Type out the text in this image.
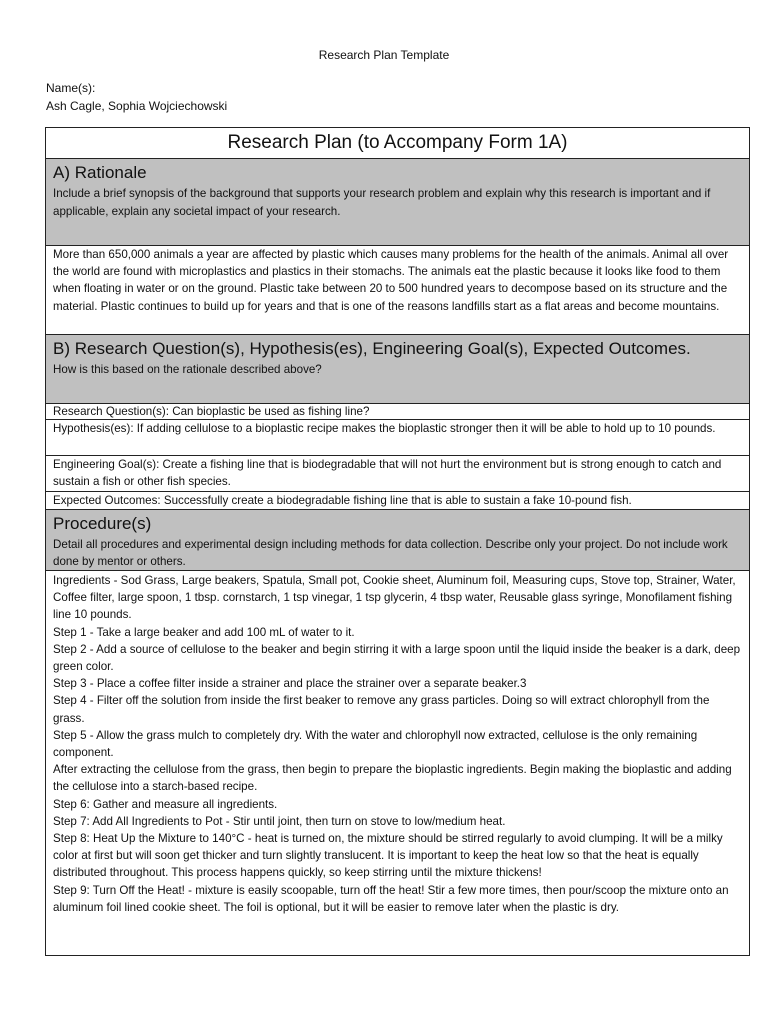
Research Plan Template
Name(s):
Ash Cagle, Sophia Wojciechowski
Research Plan (to Accompany Form 1A)
A) Rationale
Include a brief synopsis of the background that supports your research problem and explain why this research is important and if applicable, explain any societal impact of your research.
More than 650,000 animals a year are affected by plastic which causes many problems for the health of the animals. Animal all over the world are found with microplastics and plastics in their stomachs. The animals eat the plastic because it looks like food to them when floating in water or on the ground. Plastic take between 20 to 500 hundred years to decompose based on its structure and the material. Plastic continues to build up for years and that is one of the reasons landfills start as a flat areas and become mountains.
B) Research Question(s), Hypothesis(es), Engineering Goal(s), Expected Outcomes.
How is this based on the rationale described above?
Research Question(s): Can bioplastic be used as fishing line?
Hypothesis(es): If adding cellulose to a bioplastic recipe makes the bioplastic stronger then it will be able to hold up to 10 pounds.
Engineering Goal(s): Create a fishing line that is biodegradable that will not hurt the environment but is strong enough to catch and sustain a fish or other fish species.
Expected Outcomes: Successfully create a biodegradable fishing line that is able to sustain a fake 10-pound fish.
Procedure(s)
Detail all procedures and experimental design including methods for data collection. Describe only your project. Do not include work done by mentor or others.
Ingredients - Sod Grass, Large beakers, Spatula, Small pot, Cookie sheet, Aluminum foil, Measuring cups, Stove top, Strainer, Water, Coffee filter, large spoon, 1 tbsp. cornstarch, 1 tsp vinegar, 1 tsp glycerin, 4 tbsp water, Reusable glass syringe, Monofilament fishing line 10 pounds.
Step 1 - Take a large beaker and add 100 mL of water to it.
Step 2 - Add a source of cellulose to the beaker and begin stirring it with a large spoon until the liquid inside the beaker is a dark, deep green color.
Step 3 - Place a coffee filter inside a strainer and place the strainer over a separate beaker.3
Step 4 - Filter off the solution from inside the first beaker to remove any grass particles. Doing so will extract chlorophyll from the grass.
Step 5 - Allow the grass mulch to completely dry. With the water and chlorophyll now extracted, cellulose is the only remaining component.
After extracting the cellulose from the grass, then begin to prepare the bioplastic ingredients. Begin making the bioplastic and adding the cellulose into a starch-based recipe.
Step 6: Gather and measure all ingredients.
Step 7: Add All Ingredients to Pot - Stir until joint, then turn on stove to low/medium heat.
Step 8: Heat Up the Mixture to 140°C - heat is turned on, the mixture should be stirred regularly to avoid clumping. It will be a milky color at first but will soon get thicker and turn slightly translucent. It is important to keep the heat low so that the heat is equally distributed throughout. This process happens quickly, so keep stirring until the mixture thickens!
Step 9: Turn Off the Heat! - mixture is easily scoopable, turn off the heat! Stir a few more times, then pour/scoop the mixture onto an aluminum foil lined cookie sheet. The foil is optional, but it will be easier to remove later when the plastic is dry.
